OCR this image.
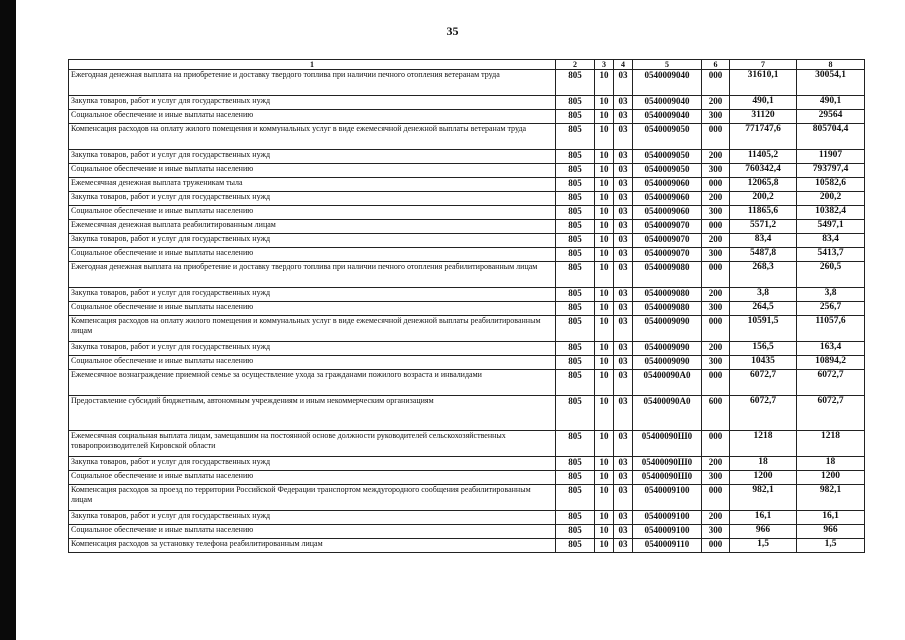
35
1	2	3	4	5	6	7	8
Ежегодная денежная выплата на приобретение и доставку твердого топлива при наличии печного отопления ветеранам труда	805	10	03	0540009040	000	31610,1	30054,1
Закупка товаров, работ и услуг для государственных нужд	805	10	03	0540009040	200	490,1	490,1
Социальное обеспечение и иные выплаты населению	805	10	03	0540009040	300	31120	29564
Компенсация расходов на оплату жилого помещения и коммунальных услуг в виде ежемесячной денежной выплаты ветеранам труда	805	10	03	0540009050	000	771747,6	805704,4
Закупка товаров, работ и услуг для государственных нужд	805	10	03	0540009050	200	11405,2	11907
Социальное обеспечение и иные выплаты населению	805	10	03	0540009050	300	760342,4	793797,4
Ежемесячная денежная выплата труженикам тыла	805	10	03	0540009060	000	12065,8	10582,6
Закупка товаров, работ и услуг для государственных нужд	805	10	03	0540009060	200	200,2	200,2
Социальное обеспечение и иные выплаты населению	805	10	03	0540009060	300	11865,6	10382,4
Ежемесячная денежная выплата реабилитированным лицам	805	10	03	0540009070	000	5571,2	5497,1
Закупка товаров, работ и услуг для государственных нужд	805	10	03	0540009070	200	83,4	83,4
Социальное обеспечение и иные выплаты населению	805	10	03	0540009070	300	5487,8	5413,7
Ежегодная денежная выплата на приобретение и доставку твердого топлива при наличии печного отопления реабилитированным лицам	805	10	03	0540009080	000	268,3	260,5
Закупка товаров, работ и услуг для государственных нужд	805	10	03	0540009080	200	3,8	3,8
Социальное обеспечение и иные выплаты населению	805	10	03	0540009080	300	264,5	256,7
Компенсация расходов на оплату жилого помещения и коммунальных услуг в виде ежемесячной денежной выплаты реабилитированным лицам	805	10	03	0540009090	000	10591,5	11057,6
Закупка товаров, работ и услуг для государственных нужд	805	10	03	0540009090	200	156,5	163,4
Социальное обеспечение и иные выплаты населению	805	10	03	0540009090	300	10435	10894,2
Ежемесячное вознаграждение приемной семье за осуществление ухода за гражданами пожилого возраста и инвалидами	805	10	03	05400090A0	000	6072,7	6072,7
Предоставление субсидий бюджетным, автономным учреждениям и иным некоммерческим организациям	805	10	03	05400090A0	600	6072,7	6072,7
Ежемесячная социальная выплата лицам, замещавшим на постоянной основе должности руководителей сельскохозяйственных товаропроизводителей Кировской области	805	10	03	05400090Ш0	000	1218	1218
Закупка товаров, работ и услуг для государственных нужд	805	10	03	05400090Ш0	200	18	18
Социальное обеспечение и иные выплаты населению	805	10	03	05400090Ш0	300	1200	1200
Компенсация расходов за проезд по территории Российской Федерации транспортом междугородного сообщения реабилитированным лицам	805	10	03	0540009100	000	982,1	982,1
Закупка товаров, работ и услуг для государственных нужд	805	10	03	0540009100	200	16,1	16,1
Социальное обеспечение и иные выплаты населению	805	10	03	0540009100	300	966	966
Компенсация расходов за установку телефона реабилитированным лицам	805	10	03	0540009110	000	1,5	1,5
